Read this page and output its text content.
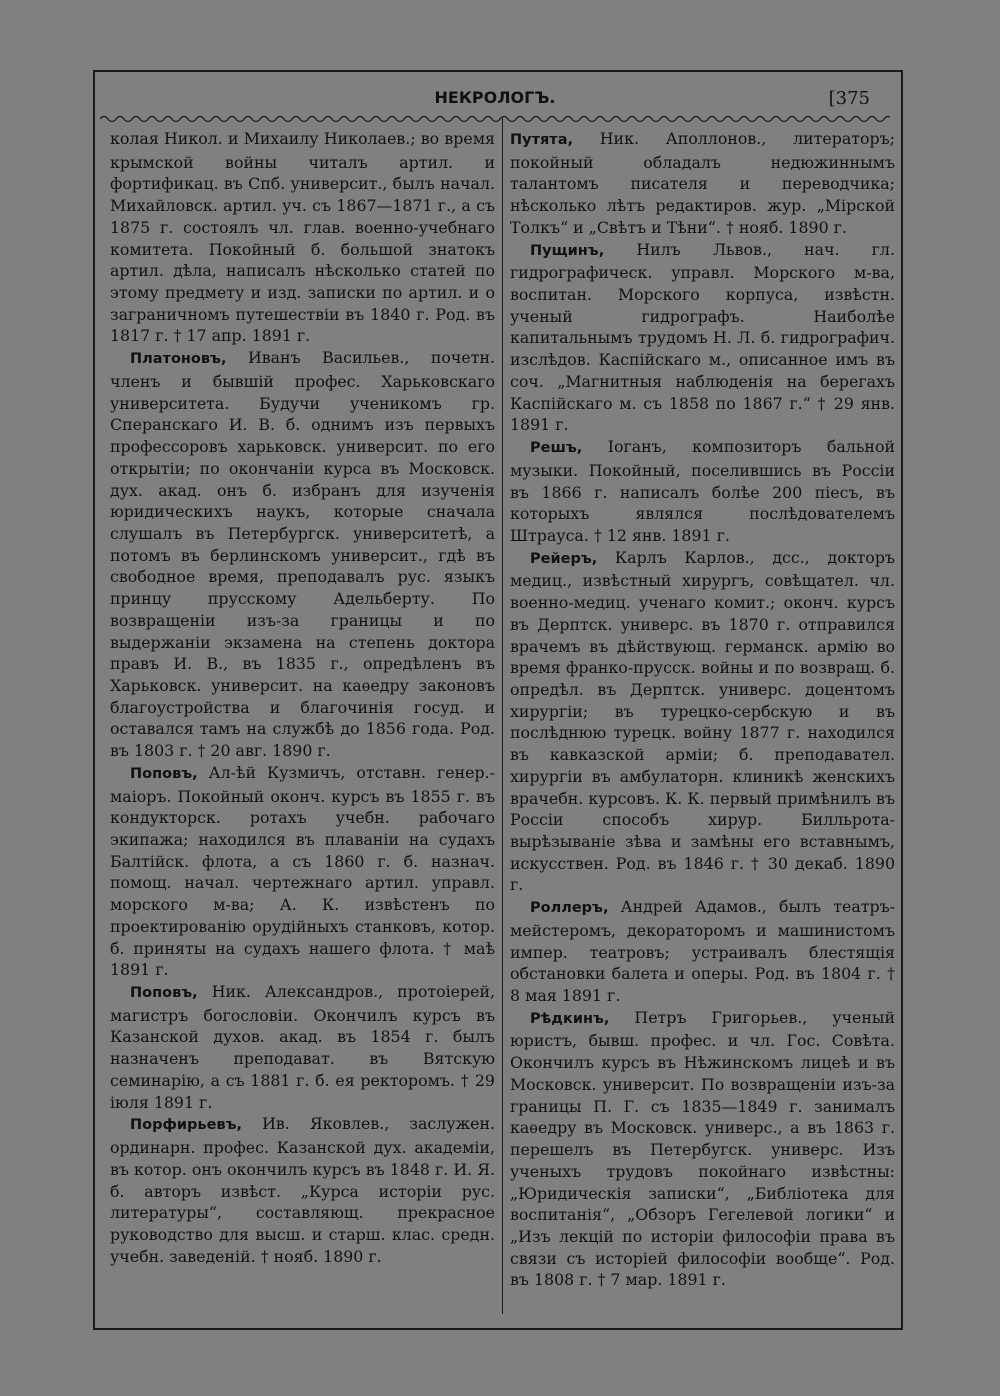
НЕКРОЛОГЪ.	[375

колая Никол. и Михаилу Николаев.; во время крымской войны читалъ артил. и фортификац. въ Спб. университ., былъ начал. Михайловск. артил. уч. съ 1867—1871 г., а съ 1875 г. состоялъ чл. глав. военно-учебнаго комитета. Покойный б. большой знатокъ артил. дѣла, написалъ нѣсколько статей по этому предмету и изд. записки по артил. и о заграничномъ путешествіи въ 1840 г. Род. въ 1817 г. † 17 апр. 1891 г.

Платоновъ, Иванъ Васильев., почетн. членъ и бывшій профес. Харьковскаго университета. Будучи ученикомъ гр. Сперанскаго И. В. б. однимъ изъ первыхъ профессоровъ харьковск. университ. по его открытіи; по окончаніи курса въ Московск. дух. акад. онъ б. избранъ для изученія юридическихъ наукъ, которые сначала слушалъ въ Петербургск. университетѣ, а потомъ въ берлинскомъ университ., гдѣ въ свободное время, преподавалъ рус. языкъ принцу прусскому Адельберту. По возвращеніи изъ-за границы и по выдержаніи экзамена на степень доктора правъ И. В., въ 1835 г., опредѣленъ въ Харьковск. университ. на каѳедру законовъ благоустройства и благочинія госуд. и оставался тамъ на службѣ до 1856 года. Род. въ 1803 г. † 20 авг. 1890 г.

Поповъ, Ал-ѣй Кузмичъ, отставн. генер.-маіоръ. Покойный оконч. курсъ въ 1855 г. въ кондукторск. ротахъ учебн. рабочаго экипажа; находился въ плаваніи на судахъ Балтійск. флота, а съ 1860 г. б. назнач. помощ. начал. чертежнаго артил. управл. морского м-ва; А. К. извѣстенъ по проектированію орудійныхъ станковъ, котор. б. приняты на судахъ нашего флота. † маѣ 1891 г.

Поповъ, Ник. Александров., протоіерей, магистръ богословіи. Окончилъ курсъ въ Казанской духов. акад. въ 1854 г. былъ назначенъ преподават. въ Вятскую семинарію, а съ 1881 г. б. ея ректоромъ. † 29 іюля 1891 г.

Порфирьевъ, Ив. Яковлев., заслужен. ординарн. профес. Казанской дух. академіи, въ котор. онъ окончилъ курсъ въ 1848 г. И. Я. б. авторъ извѣст. „Курса исторіи рус. литературы“, составляющ. прекрасное руководство для высш. и старш. клас. средн. учебн. заведеній. † нояб. 1890 г.

Путята, Ник. Аполлонов., литераторъ; покойный обладалъ недюжиннымъ талантомъ писателя и переводчика; нѣсколько лѣтъ редактиров. жур. „Мірской Толкъ“ и „Свѣтъ и Тѣни“. † нояб. 1890 г.

Пущинъ, Нилъ Львов., нач. гл. гидрографическ. управл. Морского м-ва, воспитан. Морского корпуса, извѣстн. ученый гидрографъ. Наиболѣе капитальнымъ трудомъ Н. Л. б. гидрографич. изслѣдов. Каспійскаго м., описанное имъ въ соч. „Магнитныя наблюденія на берегахъ Каспійскаго м. съ 1858 по 1867 г.“ † 29 янв. 1891 г.

Решъ, Іоганъ, композиторъ бальной музыки. Покойный, поселившись въ Россіи въ 1866 г. написалъ болѣе 200 піесъ, въ которыхъ являлся послѣдователемъ Штрауса. † 12 янв. 1891 г.

Рейеръ, Карлъ Карлов., дсс., докторъ медиц., извѣстный хирургъ, совѣщател. чл. военно-медиц. ученаго комит.; оконч. курсъ въ Дерптск. универс. въ 1870 г. отправился врачемъ въ дѣйствующ. германск. армію во время франко-прусск. войны и по возвращ. б. опредѣл. въ Дерптск. универс. доцентомъ хирургіи; въ турецко-сербскую и въ послѣднюю турецк. войну 1877 г. находился въ кавказской арміи; б. преподавател. хирургіи въ амбулаторн. клиникѣ женскихъ врачебн. курсовъ. К. К. первый примѣнилъ въ Россіи способъ хирур. Билльрота-вырѣзываніе зѣва и замѣны его вставнымъ, искусствен. Род. въ 1846 г. † 30 декаб. 1890 г.

Роллеръ, Андрей Адамов., былъ театръ-мейстеромъ, декораторомъ и машинистомъ импер. театровъ; устраивалъ блестящія обстановки балета и оперы. Род. въ 1804 г. † 8 мая 1891 г.

Рѣдкинъ, Петръ Григорьев., ученый юристъ, бывш. профес. и чл. Гос. Совѣта. Окончилъ курсъ въ Нѣжинскомъ лицеѣ и въ Московск. университ. По возвращеніи изъ-за границы П. Г. съ 1835—1849 г. занималъ каѳедру въ Московск. универс., а въ 1863 г. перешелъ въ Петербугск. универс. Изъ ученыхъ трудовъ покойнаго извѣстны: „Юридическія записки“, „Библіотека для воспитанія“, „Обзоръ Гегелевой логики“ и „Изъ лекцій по исторіи философіи права въ связи съ исторіей философіи вообще“. Род. въ 1808 г. † 7 мар. 1891 г.
